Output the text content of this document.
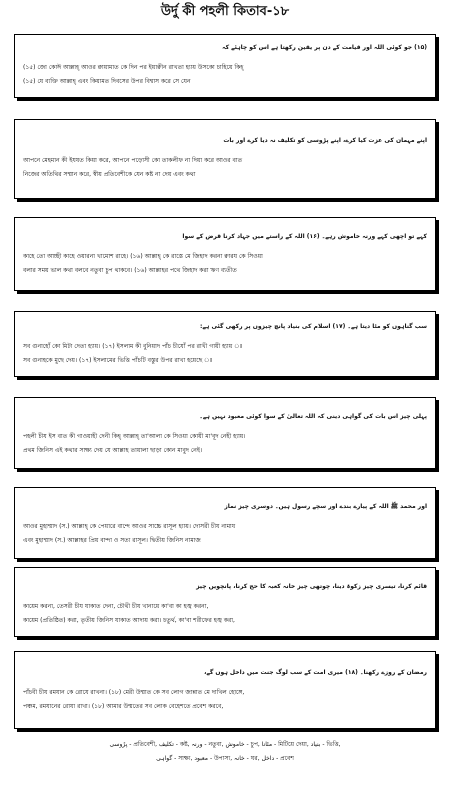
উর্দু কী পহলী কিতাব-১৮
(۱۵) جو کوئی اللہ اور قیامت کے دن پر یقین رکھتا ہے اس کو چاہئے کہ
(১৫) জো কোঈ আল্লাহ্ আওর ক্বায়ামাত কে দিন পর ইয়াক্বীন রাখতা হ্যায় উসকো চাহিয়ে কিহ্
(১৫) যে ব্যক্তি আল্লাহ্ এবং কিয়ামত দিবসের উপর বিশ্বাস করে সে যেন
اپنے مہمان کی عزت کیا کرے، اپنے پڑوسی کو تکلیف نہ دیا کرے اور بات
আপনে মেহমান কী ইযযত কিয়া করে, আপনে পড়োসী কো তাকলীফ না দিয়া করে আওর বাত
নিজের অতিথির সম্মান করে, স্বীয় প্রতিবেশীকে যেন কষ্ট না দেয় এবং কথা
کہے تو اچھی کہے ورنہ خاموش رہے۔ (۱۶) اللہ کے راستے میں جہاد کرنا قرض کے سوا
কাহে তো আচ্ছী কাহে ওয়ারনা খামোশ রাহে। (১৬) আল্লাহ্ কে রাস্তে মে জিহাদ করনা ক্বারয কে সিওয়া
বলার সময় ভাল কথা বলবে নতুবা চুপ থাকবে। (১৬) আল্লাহর পথে জিহাদ করা ঋণ ব্যতীত
سب گناہوں کو مٹا دیتا ہے۔ (۱۷) اسلام کی بنیاد پانچ چیزوں پر رکھی گئی ہے:
সব গুনাহোঁ কো মিটা দেতা হ্যায়। (১৭) ইসলাম কী বুনিয়াদ পাঁচ চীযোঁ পর রাখী গায়ী হ্যায় ঃ
সব গুনাহকে মুছে দেয়। (১৭) ইসলামের ভিত্তি পাঁচটি বস্তুর উপর রাখা হয়েছে ঃ
پہلی چیز اس بات کی گواہی دینی کہ اللہ تعالیٰ کے سوا کوئی معبود نہیں ہے۔
পহলী চীয ইস বাত কী গাওয়াহী দেনী কিহ্ আল্লাহ্ তা'আলা কে সিওয়া কোয়ী মা'বূদ নেহী হ্যায়।
প্রথম জিনিস এই কথার সাক্ষ্য দেয় যে আল্লাহ তায়ালা ছাড়া কোন মাবুদ নেই।
اور محمد ﷺ اللہ کے پیارے بندے اور سچے رسول ہیں۔ دوسری چیز نماز
আওর মুহাম্মাদ (স.) আল্লাহ্ কে পেয়ারে বান্দে আওর সাচ্চে রাসূল হ্যায়। দোসরী চীয নামায
এবং মুহাম্মাদ (স.) আল্লাহর প্রিয় বান্দা ও সত্য রাসূল। দ্বিতীয় জিনিস নামাজ
قائم کرنا، تیسری چیز زکوۃ دینا، چوتھی چیز خانہ کعبہ کا حج کرنا، پانچویں چیز
কায়েম করনা, তেসরী চীয যাকাত দেনা, চৌথী চীয খানায়ে কা'বা কা হজ্ব করনা,
কায়েম (প্রতিষ্ঠিত) করা, তৃতীয় জিনিস যাকাত আদায় করা। চতুর্থ, কা'বা শরীফের হজ্ব করা,
رمضان کے روزے رکھنا۔ (۱۸) میری امت کے سب لوگ جنت میں داخل ہوں گے،
পাঁচবী চীয রমযান কে রোযে রাখনা। (১৮) মেরী উম্মাত কে সব লোগ জান্নাত মে দাখিল হোঙ্গে,
পঞ্চম, রমযানের রোযা রাখা। (১৮) আমার উম্মতের সব লোক বেহেশতে প্রবেশ করবে,
پڑوسی - প্রতিবেশী, تکلیف - কষ্ট, ورنہ - নতুবা, خاموش - চুপ, مٹانا - মিটিয়ে দেয়া, بنیاد - ভিত্তি,
گواہی - সাক্ষ্য, معبود - উপাস্য, خانہ - ঘর, داخل - প্রবেশ
